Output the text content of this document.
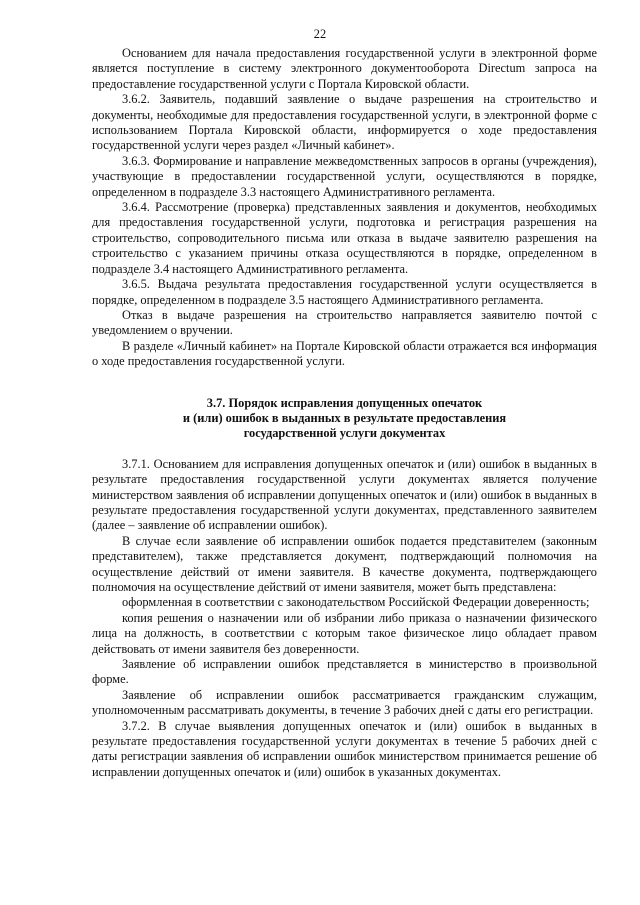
22

Основанием для начала предоставления государственной услуги в электронной форме является поступление в систему электронного документооборота Directum запроса на предоставление государственной услуги с Портала Кировской области.

3.6.2. Заявитель, подавший заявление о выдаче разрешения на строительство и документы, необходимые для предоставления государственной услуги, в электронной форме с использованием Портала Кировской области, информируется о ходе предоставления государственной услуги через раздел «Личный кабинет».

3.6.3. Формирование и направление межведомственных запросов в органы (учреждения), участвующие в предоставлении государственной услуги, осуществляются в порядке, определенном в подразделе 3.3 настоящего Административного регламента.

3.6.4. Рассмотрение (проверка) представленных заявления и документов, необходимых для предоставления государственной услуги, подготовка и регистрация разрешения на строительство, сопроводительного письма или отказа в выдаче заявителю разрешения на строительство с указанием причины отказа осуществляются в порядке, определенном в подразделе 3.4 настоящего Административного регламента.

3.6.5. Выдача результата предоставления государственной услуги осуществляется в порядке, определенном в подразделе 3.5 настоящего Административного регламента.

Отказ в выдаче разрешения на строительство направляется заявителю почтой с уведомлением о вручении.

В разделе «Личный кабинет» на Портале Кировской области отражается вся информация о ходе предоставления государственной услуги.

3.7. Порядок исправления допущенных опечаток
и (или) ошибок в выданных в результате предоставления
государственной услуги документах

3.7.1. Основанием для исправления допущенных опечаток и (или) ошибок в выданных в результате предоставления государственной услуги документах является получение министерством заявления об исправлении допущенных опечаток и (или) ошибок в выданных в результате предоставления государственной услуги документах, представленного заявителем (далее – заявление об исправлении ошибок).

В случае если заявление об исправлении ошибок подается представителем (законным представителем), также представляется документ, подтверждающий полномочия на осуществление действий от имени заявителя. В качестве документа, подтверждающего полномочия на осуществление действий от имени заявителя, может быть представлена:

оформленная в соответствии с законодательством Российской Федерации доверенность;

копия решения о назначении или об избрании либо приказа о назначении физического лица на должность, в соответствии с которым такое физическое лицо обладает правом действовать от имени заявителя без доверенности.

Заявление об исправлении ошибок представляется в министерство в произвольной форме.

Заявление об исправлении ошибок рассматривается гражданским служащим, уполномоченным рассматривать документы, в течение 3 рабочих дней с даты его регистрации.

3.7.2. В случае выявления допущенных опечаток и (или) ошибок в выданных в результате предоставления государственной услуги документах в течение 5 рабочих дней с даты регистрации заявления об исправлении ошибок министерством принимается решение об исправлении допущенных опечаток и (или) ошибок в указанных документах.
